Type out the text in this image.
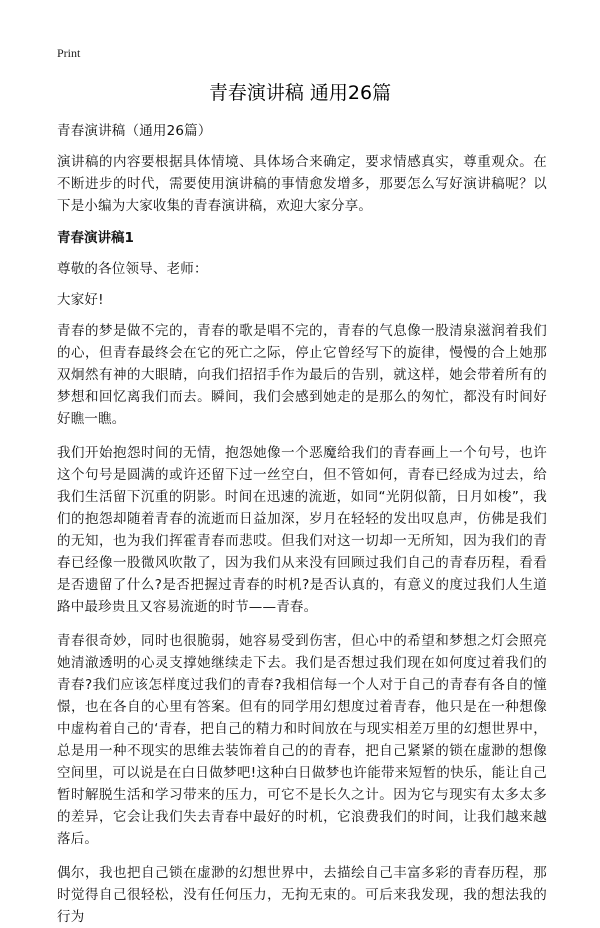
Print
青春演讲稿 通用26篇

青春演讲稿（通用26篇）

演讲稿的内容要根据具体情境、具体场合来确定，要求情感真实，尊重观众。在不断进步的时代，需要使用演讲稿的事情愈发增多，那要怎么写好演讲稿呢？以下是小编为大家收集的青春演讲稿，欢迎大家分享。

青春演讲稿1

尊敬的各位领导、老师：

大家好!

青春的梦是做不完的，青春的歌是唱不完的，青春的气息像一股清泉滋润着我们的心，但青春最终会在它的死亡之际，停止它曾经写下的旋律，慢慢的合上她那双炯然有神的大眼睛，向我们招招手作为最后的告别，就这样，她会带着所有的梦想和回忆离我们而去。瞬间，我们会感到她走的是那么的匆忙，都没有时间好好瞧一瞧。

我们开始抱怨时间的无情，抱怨她像一个恶魔给我们的青春画上一个句号，也许这个句号是圆满的或许还留下过一丝空白，但不管如何，青春已经成为过去，给我们生活留下沉重的阴影。时间在迅速的流逝，如同“光阴似箭，日月如梭”，我们的抱怨却随着青春的流逝而日益加深，岁月在轻轻的发出叹息声，仿佛是我们的无知，也为我们挥霍青春而悲哎。但我们对这一切却一无所知，因为我们的青春已经像一股微风吹散了，因为我们从来没有回顾过我们自己的青春历程，看看是否遗留了什么?是否把握过青春的时机?是否认真的，有意义的度过我们人生道路中最珍贵且又容易流逝的时节——青春。

青春很奇妙，同时也很脆弱，她容易受到伤害，但心中的希望和梦想之灯会照亮她清澈透明的心灵支撑她继续走下去。我们是否想过我们现在如何度过着我们的青春?我们应该怎样度过我们的青春?我相信每一个人对于自己的青春有各自的憧憬，也在各自的心里有答案。但有的同学用幻想度过着青春，他只是在一种想像中虚构着自己的‘青春，把自己的精力和时间放在与现实相差万里的幻想世界中，总是用一种不现实的思维去装饰着自己的的青春，把自己紧紧的锁在虚渺的想像空间里，可以说是在白日做梦吧!这种白日做梦也许能带来短暂的快乐，能让自己暂时解脱生活和学习带来的压力，可它不是长久之计。因为它与现实有太多太多的差异，它会让我们失去青春中最好的时机，它浪费我们的时间，让我们越来越落后。

偶尔，我也把自己锁在虚渺的幻想世界中，去描绘自己丰富多彩的青春历程，那时觉得自己很轻松，没有任何压力，无拘无束的。可后来我发现，我的想法我的行为
